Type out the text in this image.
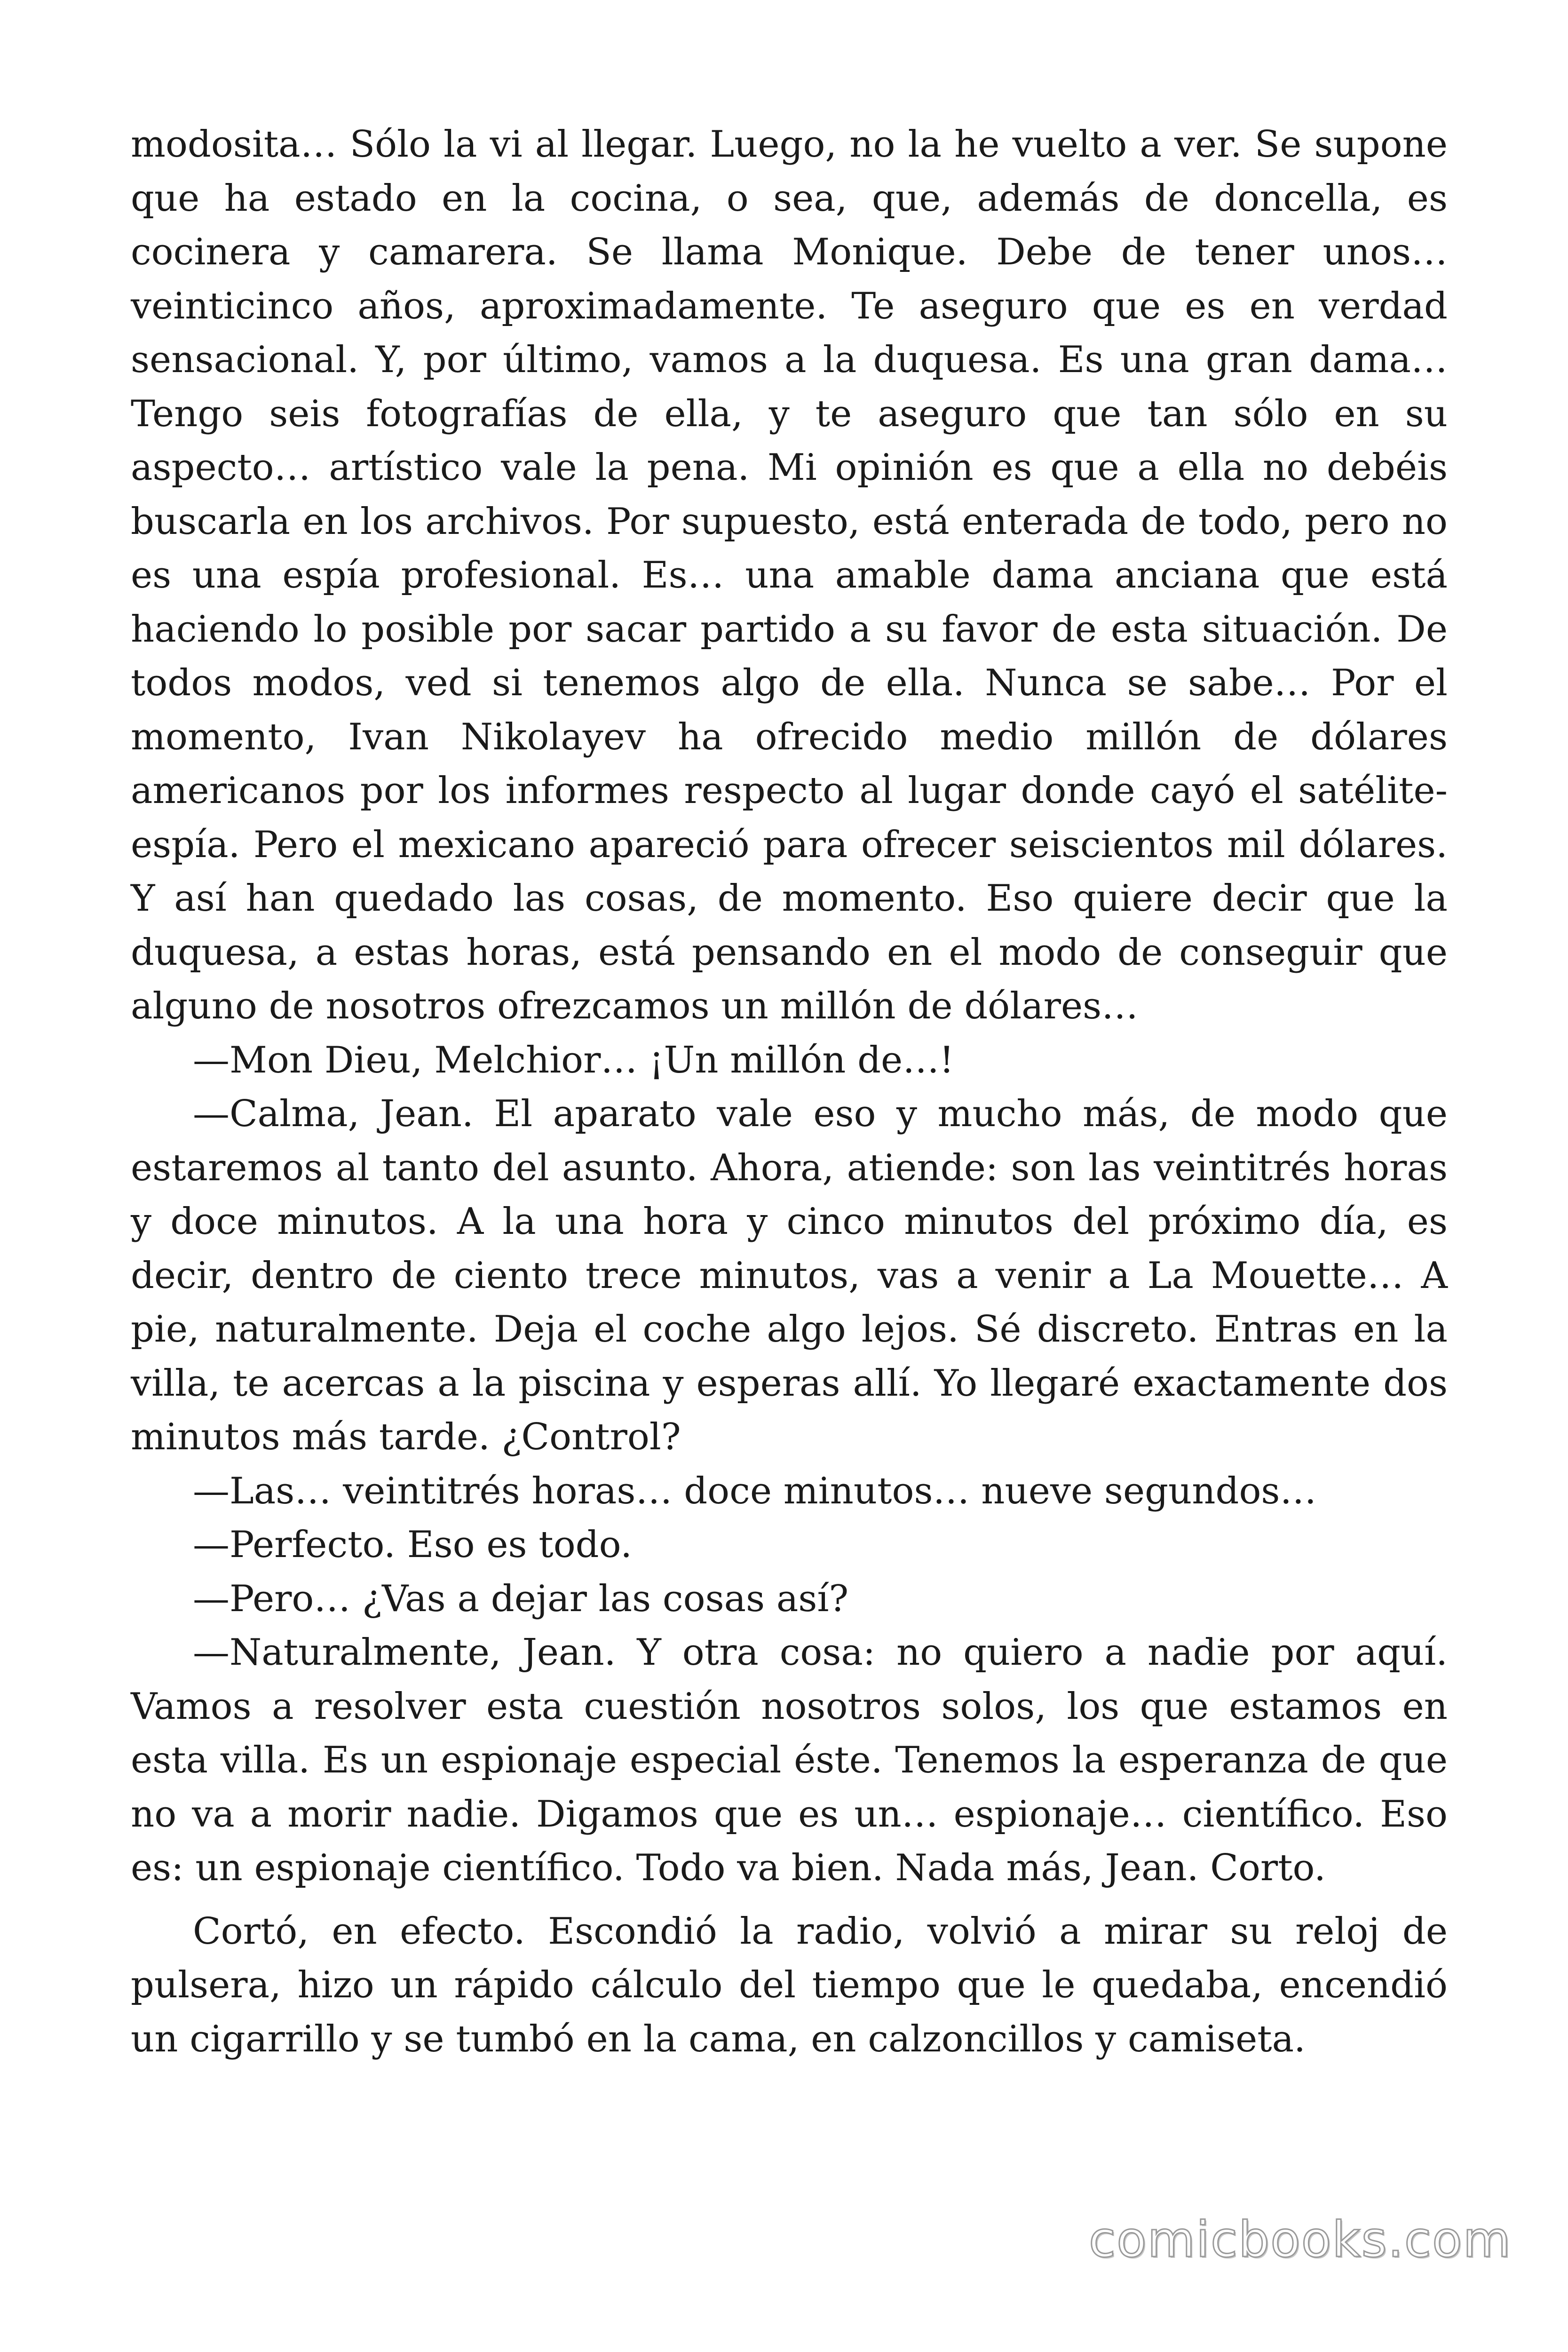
modosita… Sólo la vi al llegar. Luego, no la he vuelto a ver. Se supone que ha estado en la cocina, o sea, que, además de doncella, es cocinera y camarera. Se llama Monique. Debe de tener unos… veinticinco años, aproximadamente. Te aseguro que es en verdad sensacional. Y, por último, vamos a la duquesa. Es una gran dama… Tengo seis fotografías de ella, y te aseguro que tan sólo en su aspecto… artístico vale la pena. Mi opinión es que a ella no debéis buscarla en los archivos. Por supuesto, está enterada de todo, pero no es una espía profesional. Es… una amable dama anciana que está haciendo lo posible por sacar partido a su favor de esta situación. De todos modos, ved si tenemos algo de ella. Nunca se sabe… Por el momento, Ivan Nikolayev ha ofrecido medio millón de dólares americanos por los informes respecto al lugar donde cayó el satélite-espía. Pero el mexicano apareció para ofrecer seiscientos mil dólares. Y así han quedado las cosas, de momento. Eso quiere decir que la duquesa, a estas horas, está pensando en el modo de conseguir que alguno de nosotros ofrezcamos un millón de dólares…

—Mon Dieu, Melchior… ¡Un millón de…!

—Calma, Jean. El aparato vale eso y mucho más, de modo que estaremos al tanto del asunto. Ahora, atiende: son las veintitrés horas y doce minutos. A la una hora y cinco minutos del próximo día, es decir, dentro de ciento trece minutos, vas a venir a La Mouette… A pie, naturalmente. Deja el coche algo lejos. Sé discreto. Entras en la villa, te acercas a la piscina y esperas allí. Yo llegaré exactamente dos minutos más tarde. ¿Control?

—Las… veintitrés horas… doce minutos… nueve segundos…

—Perfecto. Eso es todo.

—Pero… ¿Vas a dejar las cosas así?

—Naturalmente, Jean. Y otra cosa: no quiero a nadie por aquí. Vamos a resolver esta cuestión nosotros solos, los que estamos en esta villa. Es un espionaje especial éste. Tenemos la esperanza de que no va a morir nadie. Digamos que es un… espionaje… científico. Eso es: un espionaje científico. Todo va bien. Nada más, Jean. Corto.

Cortó, en efecto. Escondió la radio, volvió a mirar su reloj de pulsera, hizo un rápido cálculo del tiempo que le quedaba, encendió un cigarrillo y se tumbó en la cama, en calzoncillos y camiseta.

comicbooks.com
